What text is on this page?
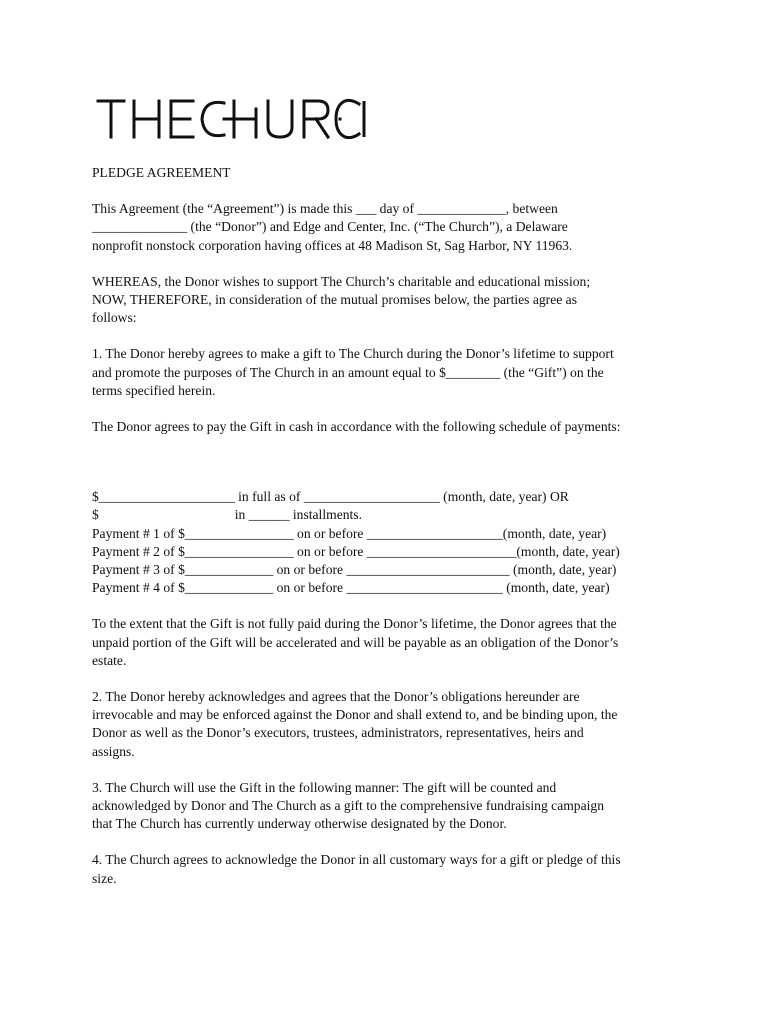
PLEDGE AGREEMENT

This Agreement (the “Agreement”) is made this ___ day of _____________, between
______________ (the “Donor”) and Edge and Center, Inc. (“The Church”), a Delaware
nonprofit nonstock corporation having offices at 48 Madison St, Sag Harbor, NY 11963.
WHEREAS, the Donor wishes to support The Church’s charitable and educational mission;
NOW, THEREFORE, in consideration of the mutual promises below, the parties agree as
follows:
1. The Donor hereby agrees to make a gift to The Church during the Donor’s lifetime to support
and promote the purposes of The Church in an amount equal to $________ (the “Gift”) on the
terms specified herein.
The Donor agrees to pay the Gift in cash in accordance with the following schedule of payments:
$____________________ in full as of ____________________ (month, date, year) OR
$                                        in ______ installments.
Payment # 1 of $________________ on or before ____________________(month, date, year)
Payment # 2 of $________________ on or before ______________________(month, date, year)
Payment # 3 of $_____________ on or before ________________________ (month, date, year)
Payment # 4 of $_____________ on or before _______________________ (month, date, year)
To the extent that the Gift is not fully paid during the Donor’s lifetime, the Donor agrees that the
unpaid portion of the Gift will be accelerated and will be payable as an obligation of the Donor’s
estate.
2. The Donor hereby acknowledges and agrees that the Donor’s obligations hereunder are
irrevocable and may be enforced against the Donor and shall extend to, and be binding upon, the
Donor as well as the Donor’s executors, trustees, administrators, representatives, heirs and
assigns.
3. The Church will use the Gift in the following manner: The gift will be counted and
acknowledged by Donor and The Church as a gift to the comprehensive fundraising campaign
that The Church has currently underway otherwise designated by the Donor.
4. The Church agrees to acknowledge the Donor in all customary ways for a gift or pledge of this
size.
